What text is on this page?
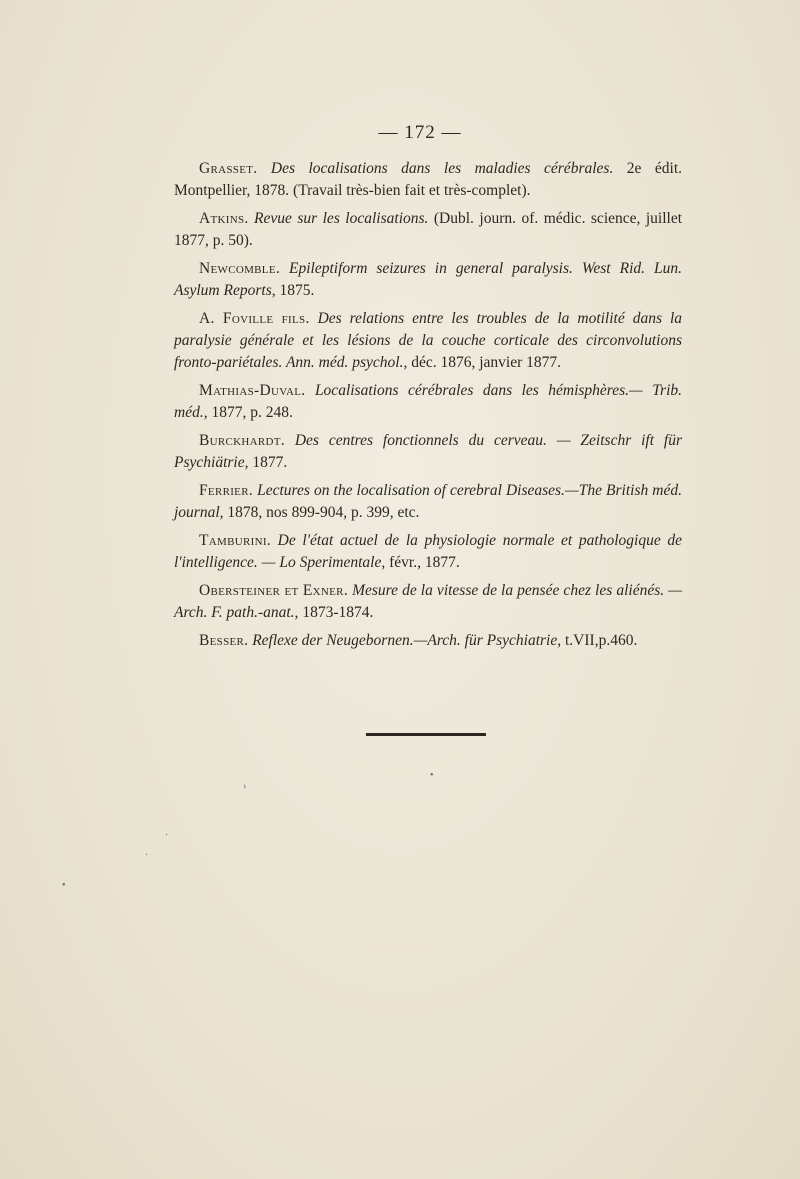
— 172 —

Grasset. Des localisations dans les maladies cérébrales. 2e édit. Montpellier, 1878. (Travail très-bien fait et très-complet).

Atkins. Revue sur les localisations. (Dubl. journ. of. médic. science, juillet 1877, p. 50).

Newcomble. Epileptiform seizures in general paralysis. West Rid. Lun. Asylum Reports, 1875.

A. Foville fils. Des relations entre les troubles de la motilité dans la paralysie générale et les lésions de la couche corticale des circonvolutions fronto-pariétales. Ann. méd. psychol., déc. 1876, janvier 1877.

Mathias-Duval. Localisations cérébrales dans les hémisphères.— Trib. méd., 1877, p. 248.

Burckhardt. Des centres fonctionnels du cerveau. — Zeitschr ift für Psychiätrie, 1877.

Ferrier. Lectures on the localisation of cerebral Diseases.—The British méd. journal, 1878, nos 899-904, p. 399, etc.

Tamburini. De l'état actuel de la physiologie normale et pathologique de l'intelligence. — Lo Sperimentale, févr., 1877.

Obersteiner et Exner. Mesure de la vitesse de la pensée chez les aliénés. —Arch. F. path.-anat., 1873-1874.

Besser. Reflexe der Neugebornen.—Arch. für Psychiatrie, t.VII,p.460.

•
›
·
•
·
